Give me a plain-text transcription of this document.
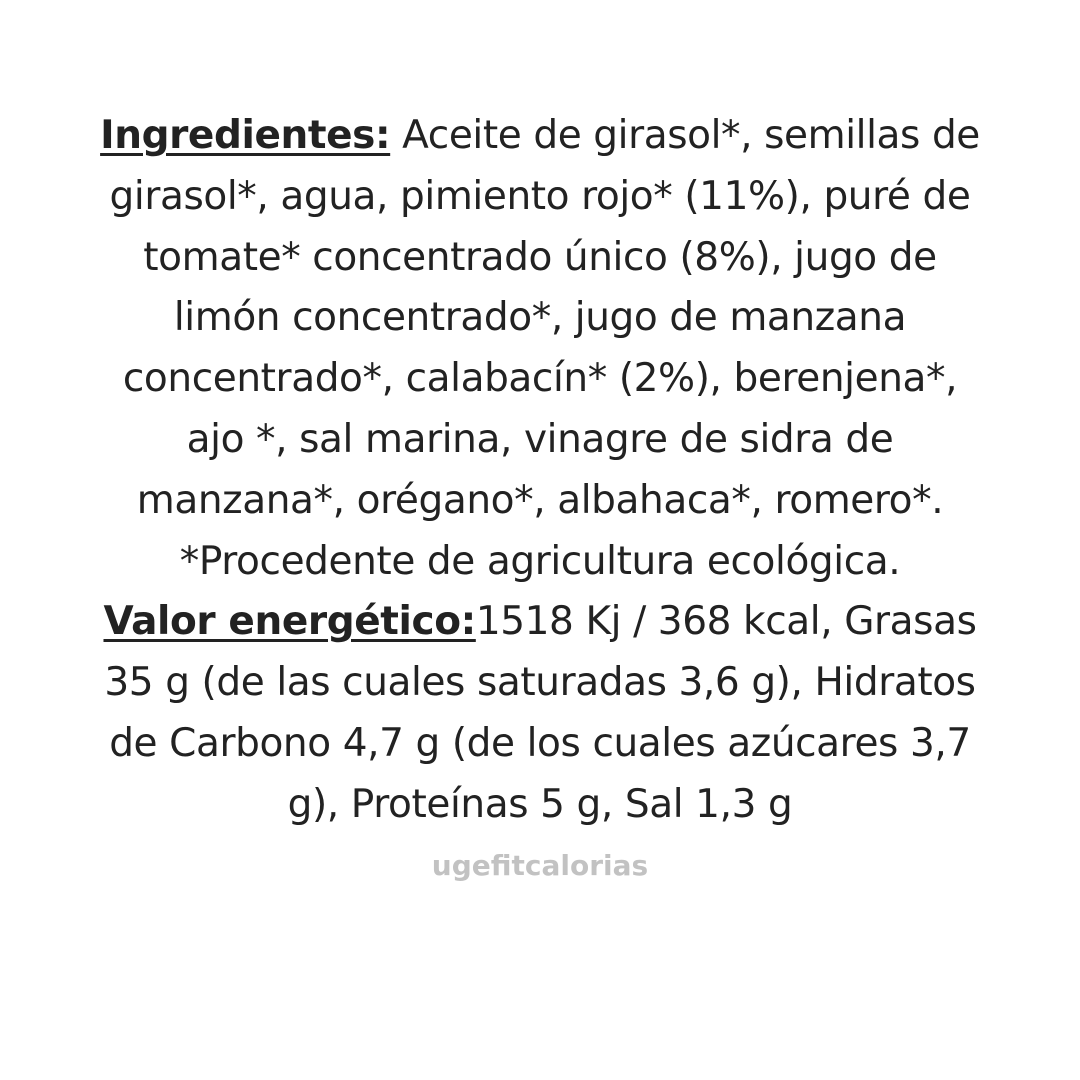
Ingredientes: Aceite de girasol*, semillas de girasol*, agua, pimiento rojo* (11%), puré de tomate* concentrado único (8%), jugo de limón concentrado*, jugo de manzana concentrado*, calabacín* (2%), berenjena*, ajo *, sal marina, vinagre de sidra de manzana*, orégano*, albahaca*, romero*. *Procedente de agricultura ecológica.

Valor energético:1518 Kj / 368 kcal, Grasas 35 g (de las cuales saturadas 3,6 g), Hidratos de Carbono 4,7 g (de los cuales azúcares 3,7 g), Proteínas 5 g, Sal 1,3 g

ugefitcalorias
